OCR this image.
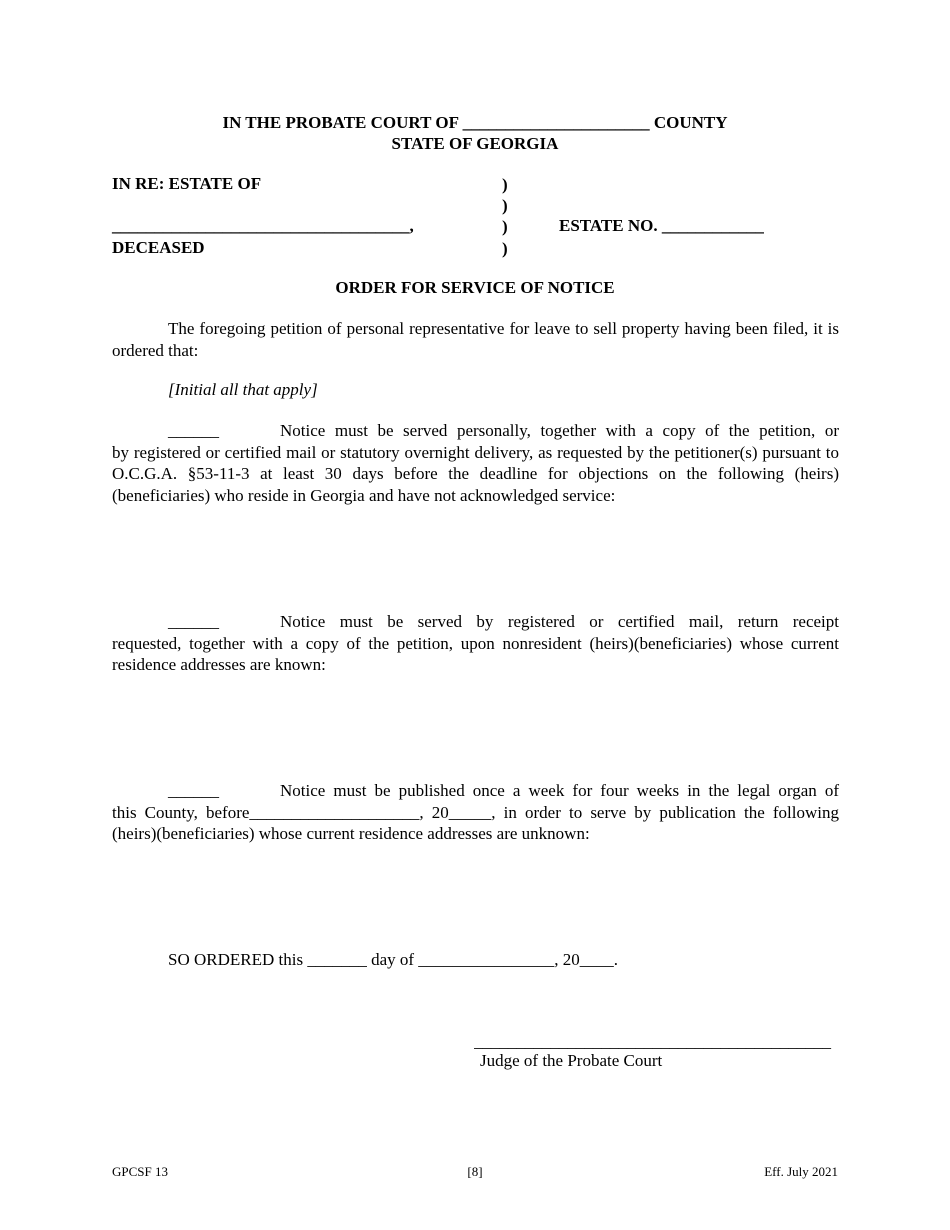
IN THE PROBATE COURT OF ______________________ COUNTY
STATE OF GEORGIA
IN RE: ESTATE OF
___________________________________,
DECEASED
)
)
)
)
ESTATE NO. ____________
ORDER FOR SERVICE OF NOTICE
The foregoing petition of personal representative for leave to sell property having been filed, it is ordered that:
[Initial all that apply]
______	Notice must be served personally, together with a copy of the petition, or
by registered or certified mail or statutory overnight delivery, as requested by the petitioner(s) pursuant to O.C.G.A. §53-11-3 at least 30 days before the deadline for objections on the following (heirs)(beneficiaries) who reside in Georgia and have not acknowledged service:
______	Notice must be served by registered or certified mail, return receipt
requested, together with a copy of the petition, upon nonresident (heirs)(beneficiaries) whose current residence addresses are known:
______	Notice must be published once a week for four weeks in the legal organ of
this County, before____________________, 20_____, in order to serve by publication the following (heirs)(beneficiaries) whose current residence addresses are unknown:
SO ORDERED this _______ day of ________________, 20____.
__________________________________________
Judge of the Probate Court
GPCSF 13	[8]	Eff. July 2021
